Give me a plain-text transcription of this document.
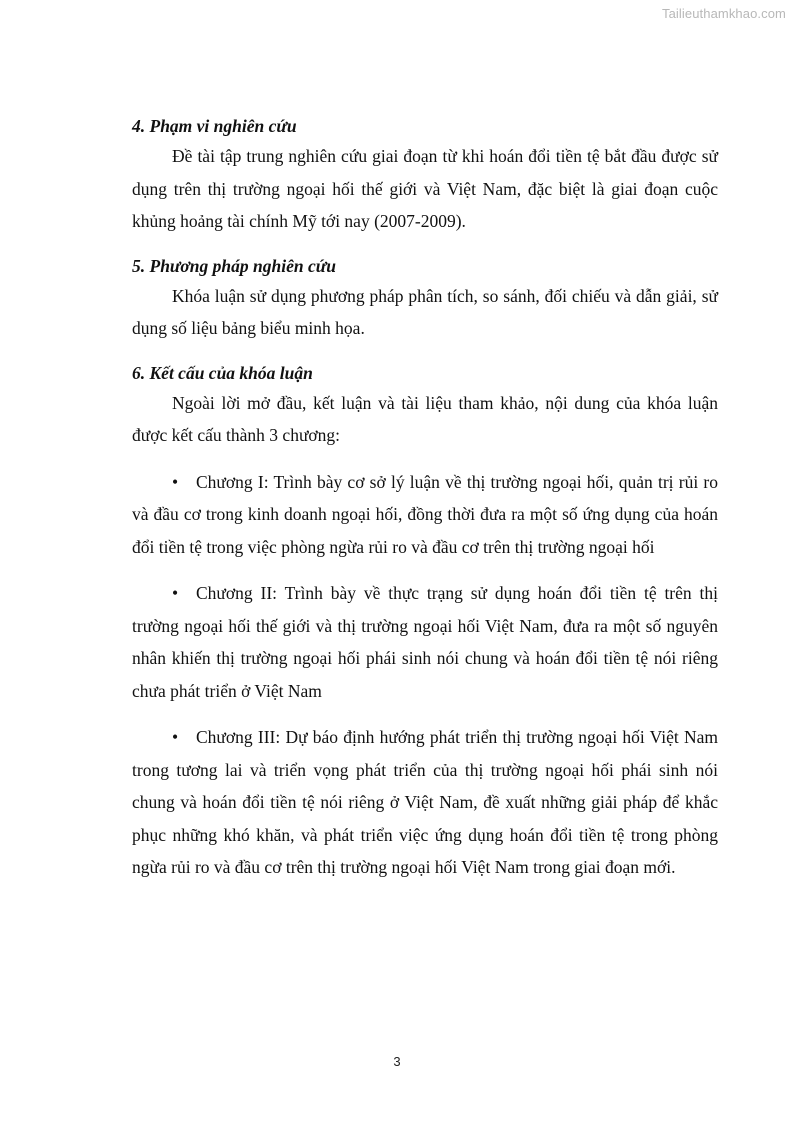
Tailieuthamkhao.com
4. Phạm vi nghiên cứu

Đề tài tập trung nghiên cứu giai đoạn từ khi hoán đổi tiền tệ bắt đầu được sử dụng trên thị trường ngoại hối thế giới và Việt Nam, đặc biệt là giai đoạn cuộc khủng hoảng tài chính Mỹ tới nay (2007-2009).

5. Phương pháp nghiên cứu

Khóa luận sử dụng phương pháp phân tích, so sánh, đối chiếu và dẫn giải, sử dụng số liệu bảng biểu minh họa.

6. Kết cấu của khóa luận

Ngoài lời mở đầu, kết luận và tài liệu tham khảo, nội dung của khóa luận được kết cấu thành 3 chương:

• Chương I: Trình bày cơ sở lý luận về thị trường ngoại hối, quản trị rủi ro và đầu cơ trong kinh doanh ngoại hối, đồng thời đưa ra một số ứng dụng của hoán đổi tiền tệ trong việc phòng ngừa rủi ro và đầu cơ trên thị trường ngoại hối

• Chương II: Trình bày về thực trạng sử dụng hoán đổi tiền tệ trên thị trường ngoại hối thế giới và thị trường ngoại hối Việt Nam, đưa ra một số nguyên nhân khiến thị trường ngoại hối phái sinh nói chung và hoán đổi tiền tệ nói riêng chưa phát triển ở Việt Nam

• Chương III: Dự báo định hướng phát triển thị trường ngoại hối Việt Nam trong tương lai và triển vọng phát triển của thị trường ngoại hối phái sinh nói chung và hoán đổi tiền tệ nói riêng ở Việt Nam, đề xuất những giải pháp để khắc phục những khó khăn, và phát triển việc ứng dụng hoán đổi tiền tệ trong phòng ngừa rủi ro và đầu cơ trên thị trường ngoại hối Việt Nam trong giai đoạn mới.

3
